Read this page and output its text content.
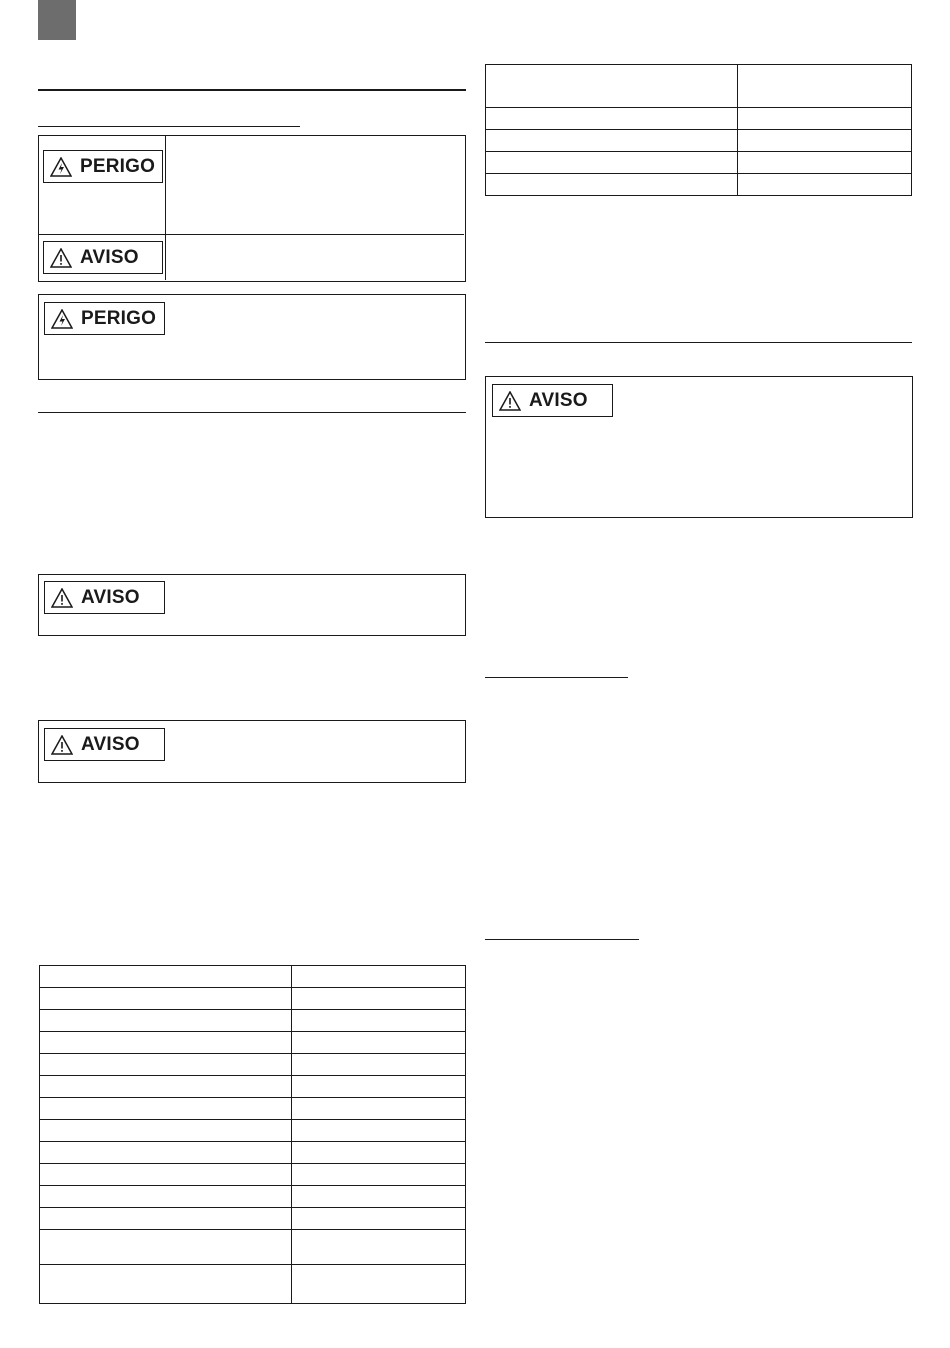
PERIGO
AVISO
PERIGO
AVISO
AVISO

AVISO
